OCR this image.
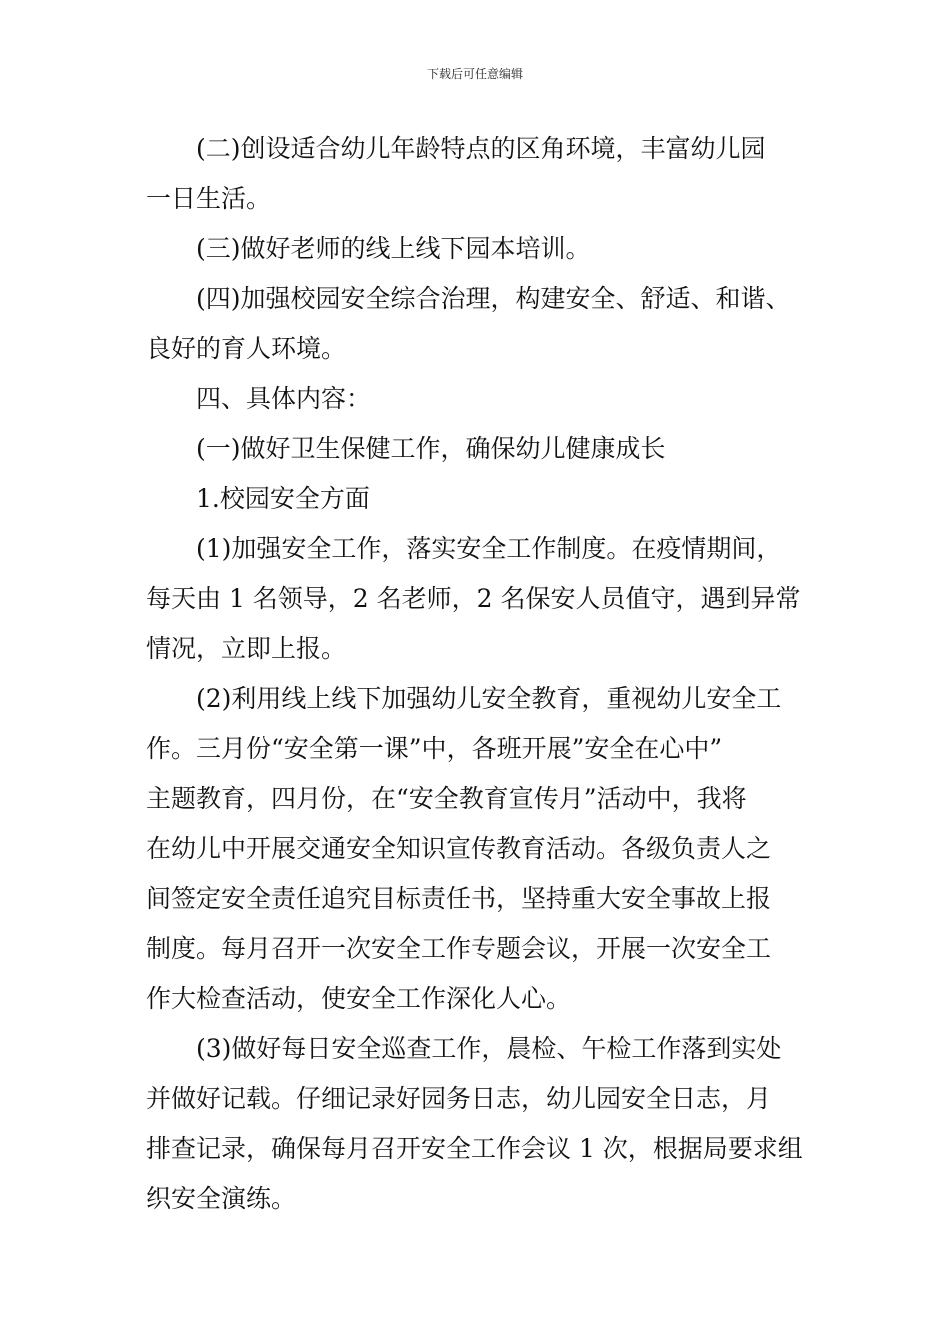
下载后可任意编辑

(二)创设适合幼儿年龄特点的区角环境，丰富幼儿园

一日生活。

(三)做好老师的线上线下园本培训。

(四)加强校园安全综合治理，构建安全、舒适、和谐、

良好的育人环境。

四、具体内容：

(一)做好卫生保健工作，确保幼儿健康成长

1.校园安全方面

(1)加强安全工作，落实安全工作制度。在疫情期间，

每天由 1 名领导，2 名老师，2 名保安人员值守，遇到异常

情况，立即上报。

(2)利用线上线下加强幼儿安全教育，重视幼儿安全工

作。三月份“安全第一课”中，各班开展”安全在心中”

主题教育，四月份，在“安全教育宣传月”活动中，我将

在幼儿中开展交通安全知识宣传教育活动。各级负责人之

间签定安全责任追究目标责任书，坚持重大安全事故上报

制度。每月召开一次安全工作专题会议，开展一次安全工

作大检查活动，使安全工作深化人心。

(3)做好每日安全巡查工作，晨检、午检工作落到实处

并做好记载。仔细记录好园务日志，幼儿园安全日志，月

排查记录，确保每月召开安全工作会议 1 次，根据局要求组

织安全演练。
